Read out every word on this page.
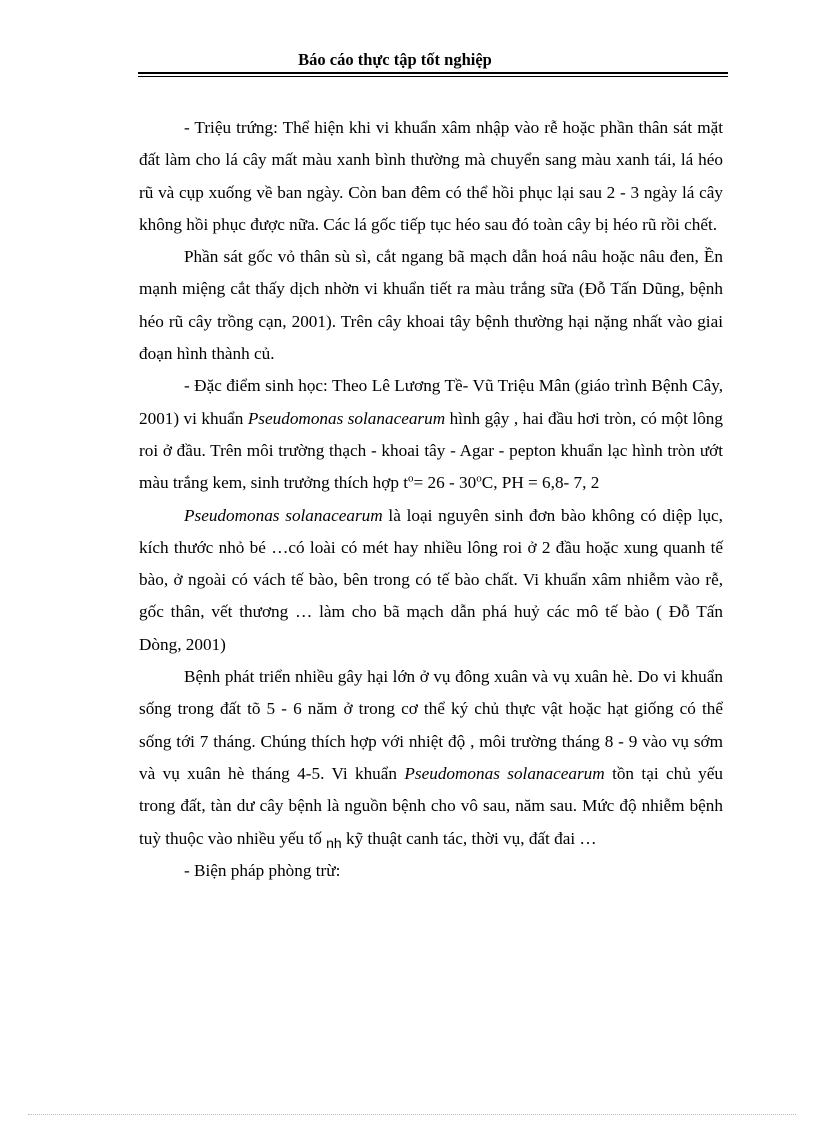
Báo cáo thực tập tốt nghiệp

- Triệu trứng: Thể hiện khi vi khuẩn xâm nhập vào rễ hoặc phần thân sát mặt đất làm cho lá cây mất màu xanh bình thường mà chuyển sang màu xanh tái, lá héo rũ và cụp xuống về ban ngày. Còn ban đêm có thể hồi phục lại sau 2 - 3 ngày lá cây không hồi phục được nữa. Các lá gốc tiếp tục héo sau đó toàn cây bị héo rũ rồi chết.

Phần sát gốc vỏ thân sù sì, cắt ngang bã mạch dẫn hoá nâu hoặc nâu đen, Ền mạnh miệng cắt thấy dịch nhờn vi khuẩn tiết ra màu trắng sữa (Đỗ Tấn Dũng, bệnh héo rũ cây trồng cạn, 2001). Trên cây khoai tây bệnh thường hại nặng nhất vào giai đoạn hình thành củ.

- Đặc điểm sinh học: Theo Lê Lương Tề- Vũ Triệu Mân (giáo trình Bệnh Cây, 2001) vi khuẩn Pseudomonas solanacearum hình gậy , hai đầu hơi tròn, có một lông roi ở đầu. Trên môi trường thạch - khoai tây - Agar - pepton khuẩn lạc hình tròn ướt màu trắng kem, sinh trưởng thích hợp $t^o= 26 - 30^oC$, PH = 6,8- 7, 2

Pseudomonas solanacearum là loại nguyên sinh đơn bào không có diệp lục, kích thước nhỏ bé …có loài có mét hay nhiều lông roi ở 2 đầu hoặc xung quanh tế bào, ở ngoài có vách tế bào, bên trong có tế bào chất. Vi khuẩn xâm nhiễm vào rễ, gốc thân, vết thương … làm cho bã mạch dẫn phá huỷ các mô tế bào ( Đỗ Tấn Dòng, 2001)

Bệnh phát triển nhiều gây hại lớn ở vụ đông xuân và vụ xuân hè. Do vi khuẩn sống trong đất tõ 5 - 6 năm ở trong cơ thể ký chủ thực vật hoặc hạt giống có thể sống tới 7 tháng. Chúng thích hợp với nhiệt độ , môi trường tháng 8 - 9 vào vụ sớm và vụ xuân hè tháng 4-5. Vi khuẩn Pseudomonas solanacearum tồn tại chủ yếu trong đất, tàn dư cây bệnh là nguồn bệnh cho vô sau, năm sau. Mức độ nhiễm bệnh tuỳ thuộc vào nhiều yếu tố $_{nh}$ kỹ thuật canh tác, thời vụ, đất đai …

- Biện pháp phòng trừ:
